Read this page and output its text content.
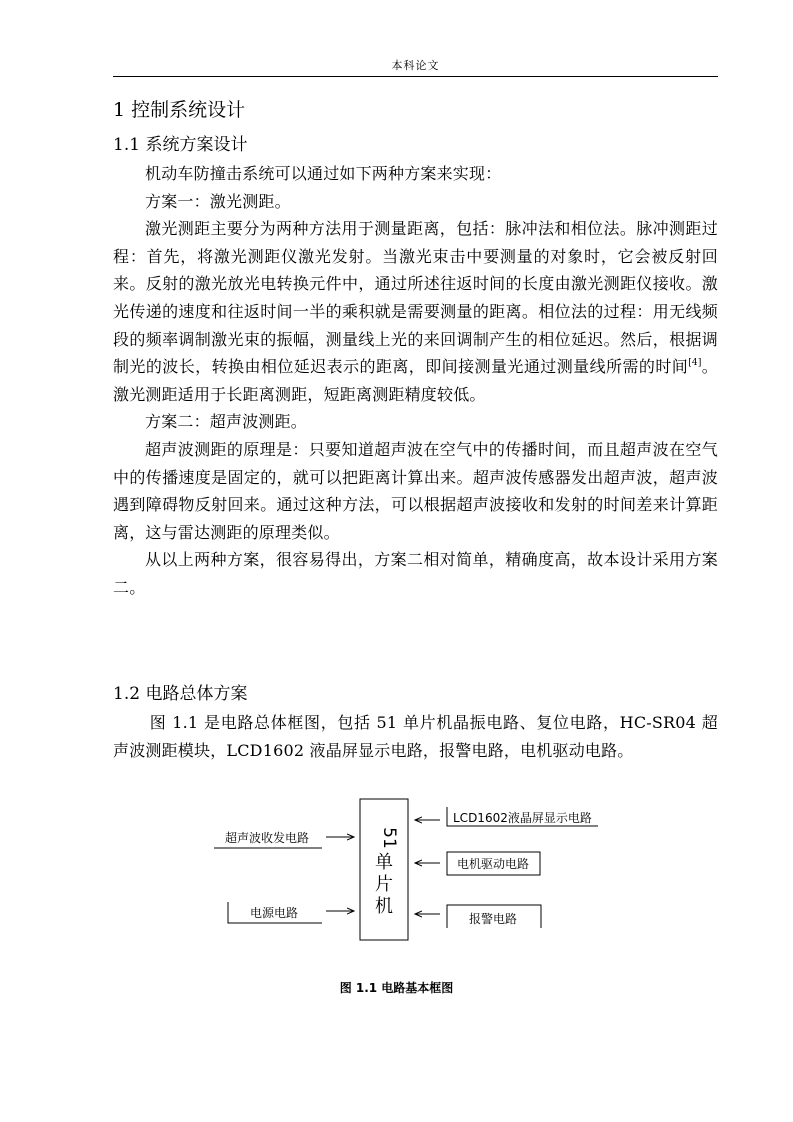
本科论文
1 控制系统设计
1.1 系统方案设计

机动车防撞击系统可以通过如下两种方案来实现：

方案一：激光测距。

激光测距主要分为两种方法用于测量距离，包括：脉冲法和相位法。脉冲测距过程：首先，将激光测距仪激光发射。当激光束击中要测量的对象时，它会被反射回来。反射的激光放光电转换元件中，通过所述往返时间的长度由激光测距仪接收。激光传递的速度和往返时间一半的乘积就是需要测量的距离。相位法的过程：用无线频段的频率调制激光束的振幅，测量线上光的来回调制产生的相位延迟。然后，根据调制光的波长，转换由相位延迟表示的距离，即间接测量光通过测量线所需的时间[4]。激光测距适用于长距离测距，短距离测距精度较低。

方案二：超声波测距。

超声波测距的原理是：只要知道超声波在空气中的传播时间，而且超声波在空气中的传播速度是固定的，就可以把距离计算出来。超声波传感器发出超声波，超声波遇到障碍物反射回来。通过这种方法，可以根据超声波接收和发射的时间差来计算距离，这与雷达测距的原理类似。

从以上两种方案，很容易得出，方案二相对简单，精确度高，故本设计采用方案二。

1.2 电路总体方案

图 1.1 是电路总体框图，包括 51 单片机晶振电路、复位电路，HC-SR04 超声波测距模块，LCD1602 液晶屏显示电路，报警电路，电机驱动电路。

51
单
片
机
超声波收发电路
电源电路
LCD1602液晶屏显示电路
电机驱动电路
报警电路
图 1.1 电路基本框图
